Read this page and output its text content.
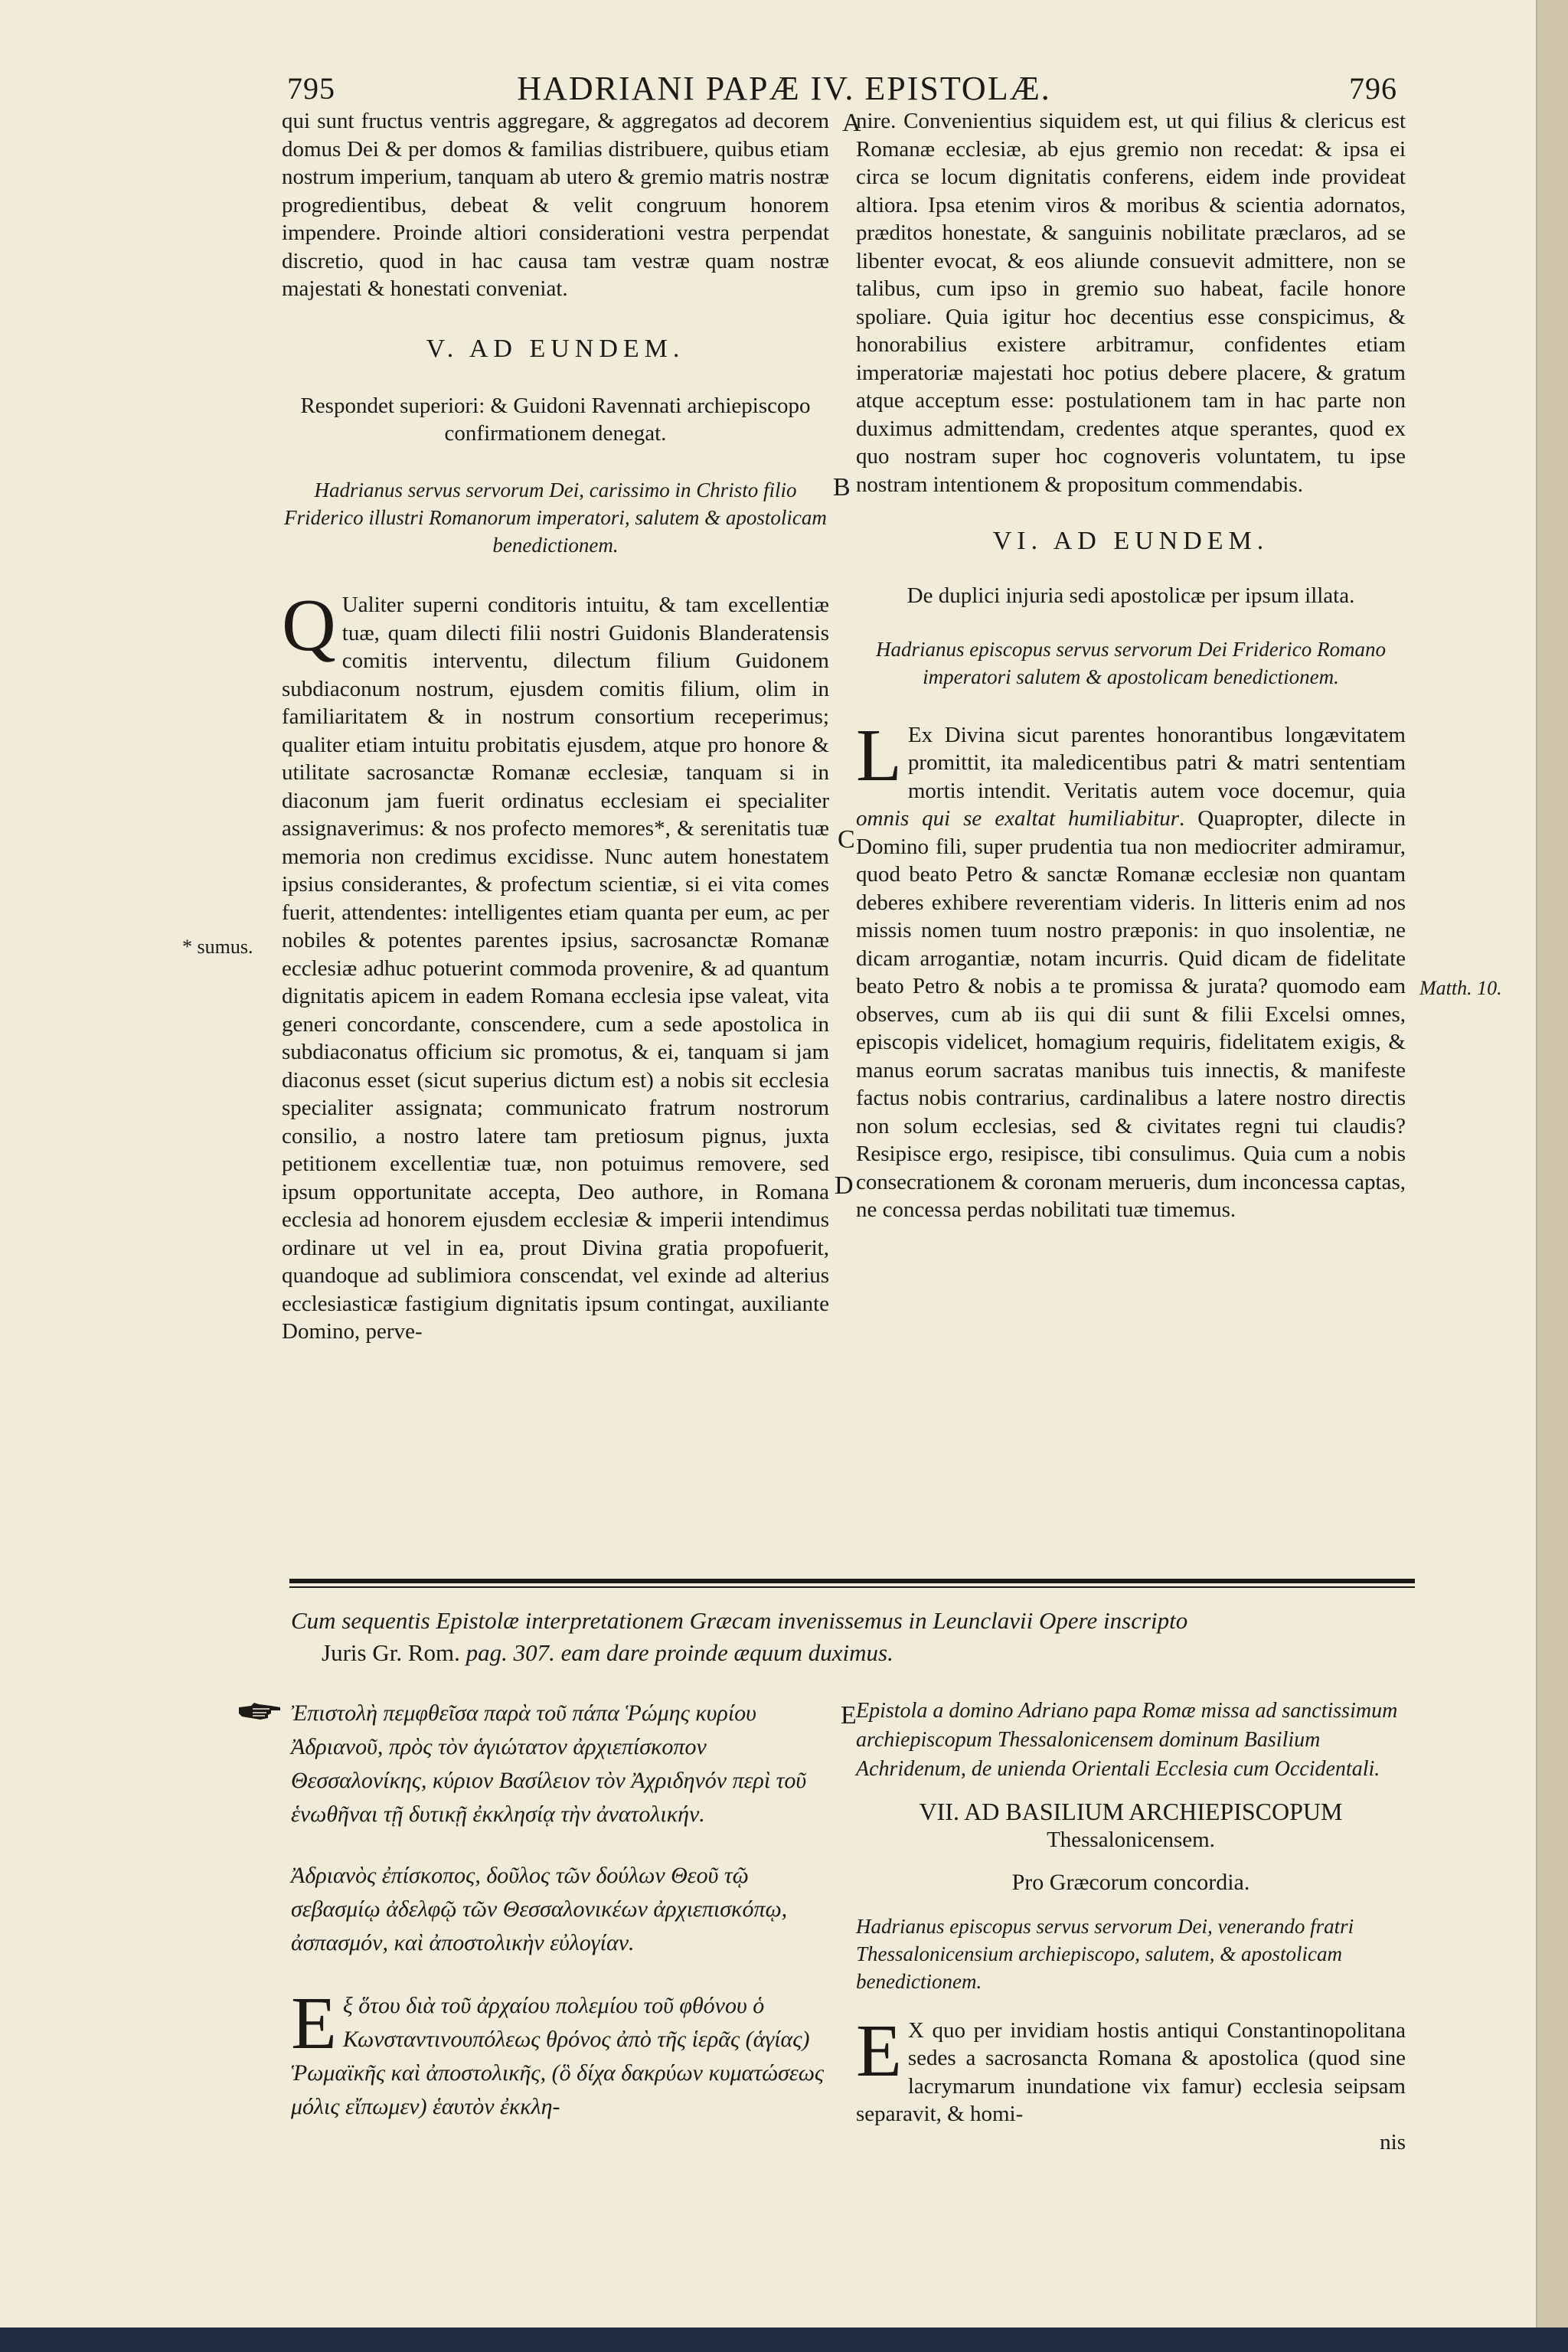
795	HADRIANI PAPÆ IV. EPISTOLÆ.	796

qui sunt fructus ventris aggregare, & aggregatos ad decorem domus Dei & per domos & familias distribuere, quibus etiam nostrum imperium, tanquam ab utero & gremio matris nostræ progredientibus, debeat & velit congruum honorem impendere. Proinde altiori considerationi vestra perpendat discretio, quod in hac causa tam vestræ quam nostræ majestati & honestati conveniat.

V. AD EUNDEM.
Respondet superiori: & Guidoni Ravennati archiepiscopo confirmationem denegat.
Hadrianus servus servorum Dei, carissimo in Christo filio Friderico illustri Romanorum imperatori, salutem & apostolicam benedictionem.

Q Ualiter superni conditoris intuitu, & tam excellentiæ tuæ, quam dilecti filii nostri Guidonis Blanderatensis comitis interventu, dilectum filium Guidonem subdiaconum nostrum, ejusdem comitis filium, olim in familiaritatem & in nostrum consortium receperimus; qualiter etiam intuitu probitatis ejusdem, atque pro honore & utilitate sacrosanctæ Romanæ ecclesiæ, tanquam si in diaconum jam fuerit ordinatus ecclesiam ei specialiter assignaverimus: & nos profecto memores*, & serenitatis tuæ memoria non credimus excidisse. Nunc autem honestatem ipsius considerantes, & profectum scientiæ, si ei vita comes fuerit, attendentes: intelligentes etiam quanta per eum, ac per nobiles & potentes parentes ipsius, sacrosanctæ Romanæ ecclesiæ adhuc potuerint commoda provenire, & ad quantum dignitatis apicem in eadem Romana ecclesia ipse valeat, vita generi concordante, conscendere, cum a sede apostolica in subdiaconatus officium sic promotus, & ei, tanquam si jam diaconus esset (sicut superius dictum est) a nobis sit ecclesia specialiter assignata; communicato fratrum nostrorum consilio, a nostro latere tam pretiosum pignus, juxta petitionem excellentiæ tuæ, non potuimus removere, sed ipsum opportunitate accepta, Deo authore, in Romana ecclesia ad honorem ejusdem ecclesiæ & imperii intendimus ordinare ut vel in ea, prout Divina gratia propofuerit, quandoque ad sublimiora conscendat, vel exinde ad alterius ecclesiasticæ fastigium dignitatis ipsum contingat, auxiliante Domino, perve-

* sumus.
A
B
C
D
E

nire. Convenientius siquidem est, ut qui filius & clericus est Romanæ ecclesiæ, ab ejus gremio non recedat: & ipsa ei circa se locum dignitatis conferens, eidem inde provideat altiora. Ipsa etenim viros & moribus & scientia adornatos, præditos honestate, & sanguinis nobilitate præclaros, ad se libenter evocat, & eos aliunde consuevit admittere, non se talibus, cum ipso in gremio suo habeat, facile honore spoliare. Quia igitur hoc decentius esse conspicimus, & honorabilius existere arbitramur, confidentes etiam imperatoriæ majestati hoc potius debere placere, & gratum atque acceptum esse: postulationem tam in hac parte non duximus admittendam, credentes atque sperantes, quod ex quo nostram super hoc cognoveris voluntatem, tu ipse nostram intentionem & propositum commendabis.

VI. AD EUNDEM.
De duplici injuria sedi apostolicæ per ipsum illata.
Hadrianus episcopus servus servorum Dei Friderico Romano imperatori salutem & apostolicam benedictionem.

L Ex Divina sicut parentes honorantibus longævitatem promittit, ita maledicentibus patri & matri sententiam mortis intendit. Veritatis autem voce docemur, quia omnis qui se exaltat humiliabitur. Quapropter, dilecte in Domino fili, super prudentia tua non mediocriter admiramur, quod beato Petro & sanctæ Romanæ ecclesiæ non quantam deberes exhibere reverentiam videris. In litteris enim ad nos missis nomen tuum nostro præponis: in quo insolentiæ, ne dicam arrogantiæ, notam incurris. Quid dicam de fidelitate beato Petro & nobis a te promissa & jurata? quomodo eam observes, cum ab iis qui dii sunt & filii Excelsi omnes, episcopis videlicet, homagium requiris, fidelitatem exigis, & manus eorum sacratas manibus tuis innectis, & manifeste factus nobis contrarius, cardinalibus a latere nostro directis non solum ecclesias, sed & civitates regni tui claudis? Resipisce ergo, resipisce, tibi consulimus. Quia cum a nobis consecrationem & coronam merueris, dum inconcessa captas, ne concessa perdas nobilitati tuæ timemus.

Matth. 10.
Cum sequentis Epistolæ interpretationem Græcam invenissemus in Leunclavii Opere inscripto
Juris Gr. Rom. pag. 307. eam dare proinde æquum duximus.
Ἐπιστολὴ πεμφθεῖσα παρὰ τοῦ πάπα Ῥώμης κυρίου Ἀδριανοῦ, πρὸς τὸν ἁγιώτατον ἀρχιεπίσκοπον Θεσσαλονίκης, κύριον Βασίλειον τὸν Ἀχριδηνόν περὶ τοῦ ἑνωθῆναι τῇ δυτικῇ ἐκκλησίᾳ τὴν ἀνατολικήν.
Ἀδριανὸς ἐπίσκοπος, δοῦλος τῶν δούλων Θεοῦ τῷ σεβασμίῳ ἀδελφῷ τῶν Θεσσαλονικέων ἀρχιεπισκόπῳ, ἀσπασμόν, καὶ ἀποστολικὴν εὐλογίαν.

Εξ ὅτου διὰ τοῦ ἀρχαίου πολεμίου τοῦ φθόνου ὁ Κωνσταντινουπόλεως θρόνος ἀπὸ τῆς ἱερᾶς (ἁγίας) Ῥωμαϊκῆς καὶ ἀποστολικῆς, (ὃ δίχα δακρύων κυματώσεως μόλις εἴπωμεν) ἑαυτὸν ἐκκλη-

Epistola a domino Adriano papa Romæ missa ad sanctissimum archiepiscopum Thessalonicensem dominum Basilium Achridenum, de unienda Orientali Ecclesia cum Occidentali.
VII. AD BASILIUM ARCHIEPISCOPUM
Thessalonicensem.
Pro Græcorum concordia.
Hadrianus episcopus servus servorum Dei, venerando fratri Thessalonicensium archiepiscopo, salutem, & apostolicam benedictionem.

E X quo per invidiam hostis antiqui Constantinopolitana sedes a sacrosancta Romana & apostolica (quod sine lacrymarum inundatione vix famur) ecclesia seipsam separavit, & homi-

nis
